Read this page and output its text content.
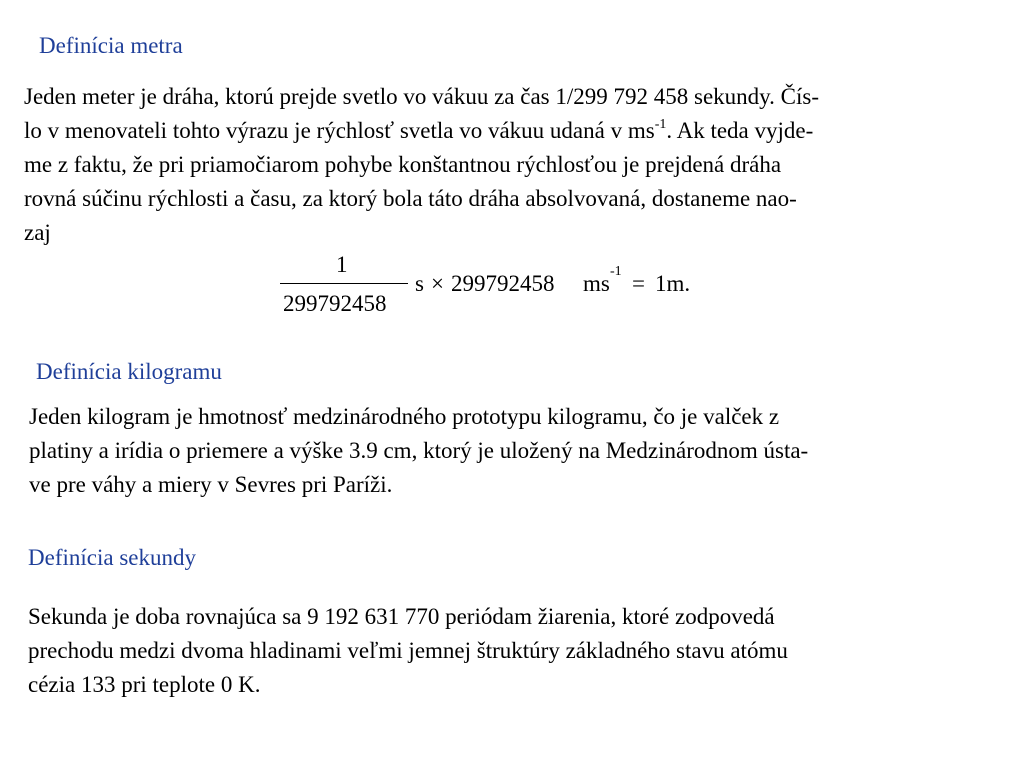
Definícia metra
Jeden meter je dráha, ktorú prejde svetlo vo vákuu za čas 1/299 792 458 sekundy. Čís-
lo v menovateli tohto výrazu je rýchlosť svetla vo vákuu udaná v $ms^{-1}$. Ak teda vyjde-
me z faktu, že pri priamočiarom pohybe konštantnou rýchlosťou je prejdená dráha
rovná súčinu rýchlosti a času, za ktorý bola táto dráha absolvovaná, dostaneme nao-
zaj
1
299792458
s × 299792458 ms -1 = 1m.
Definícia kilogramu
Jeden kilogram je hmotnosť medzinárodného prototypu kilogramu, čo je valček z
platiny a irídia o priemere a výške 3.9 cm, ktorý je uložený na Medzinárodnom ústa-
ve pre váhy a miery v Sevres pri Paríži.
Definícia sekundy
Sekunda je doba rovnajúca sa 9 192 631 770 periódam žiarenia, ktoré zodpovedá
prechodu medzi dvoma hladinami veľmi jemnej štruktúry základného stavu atómu
cézia 133 pri teplote 0 K.
